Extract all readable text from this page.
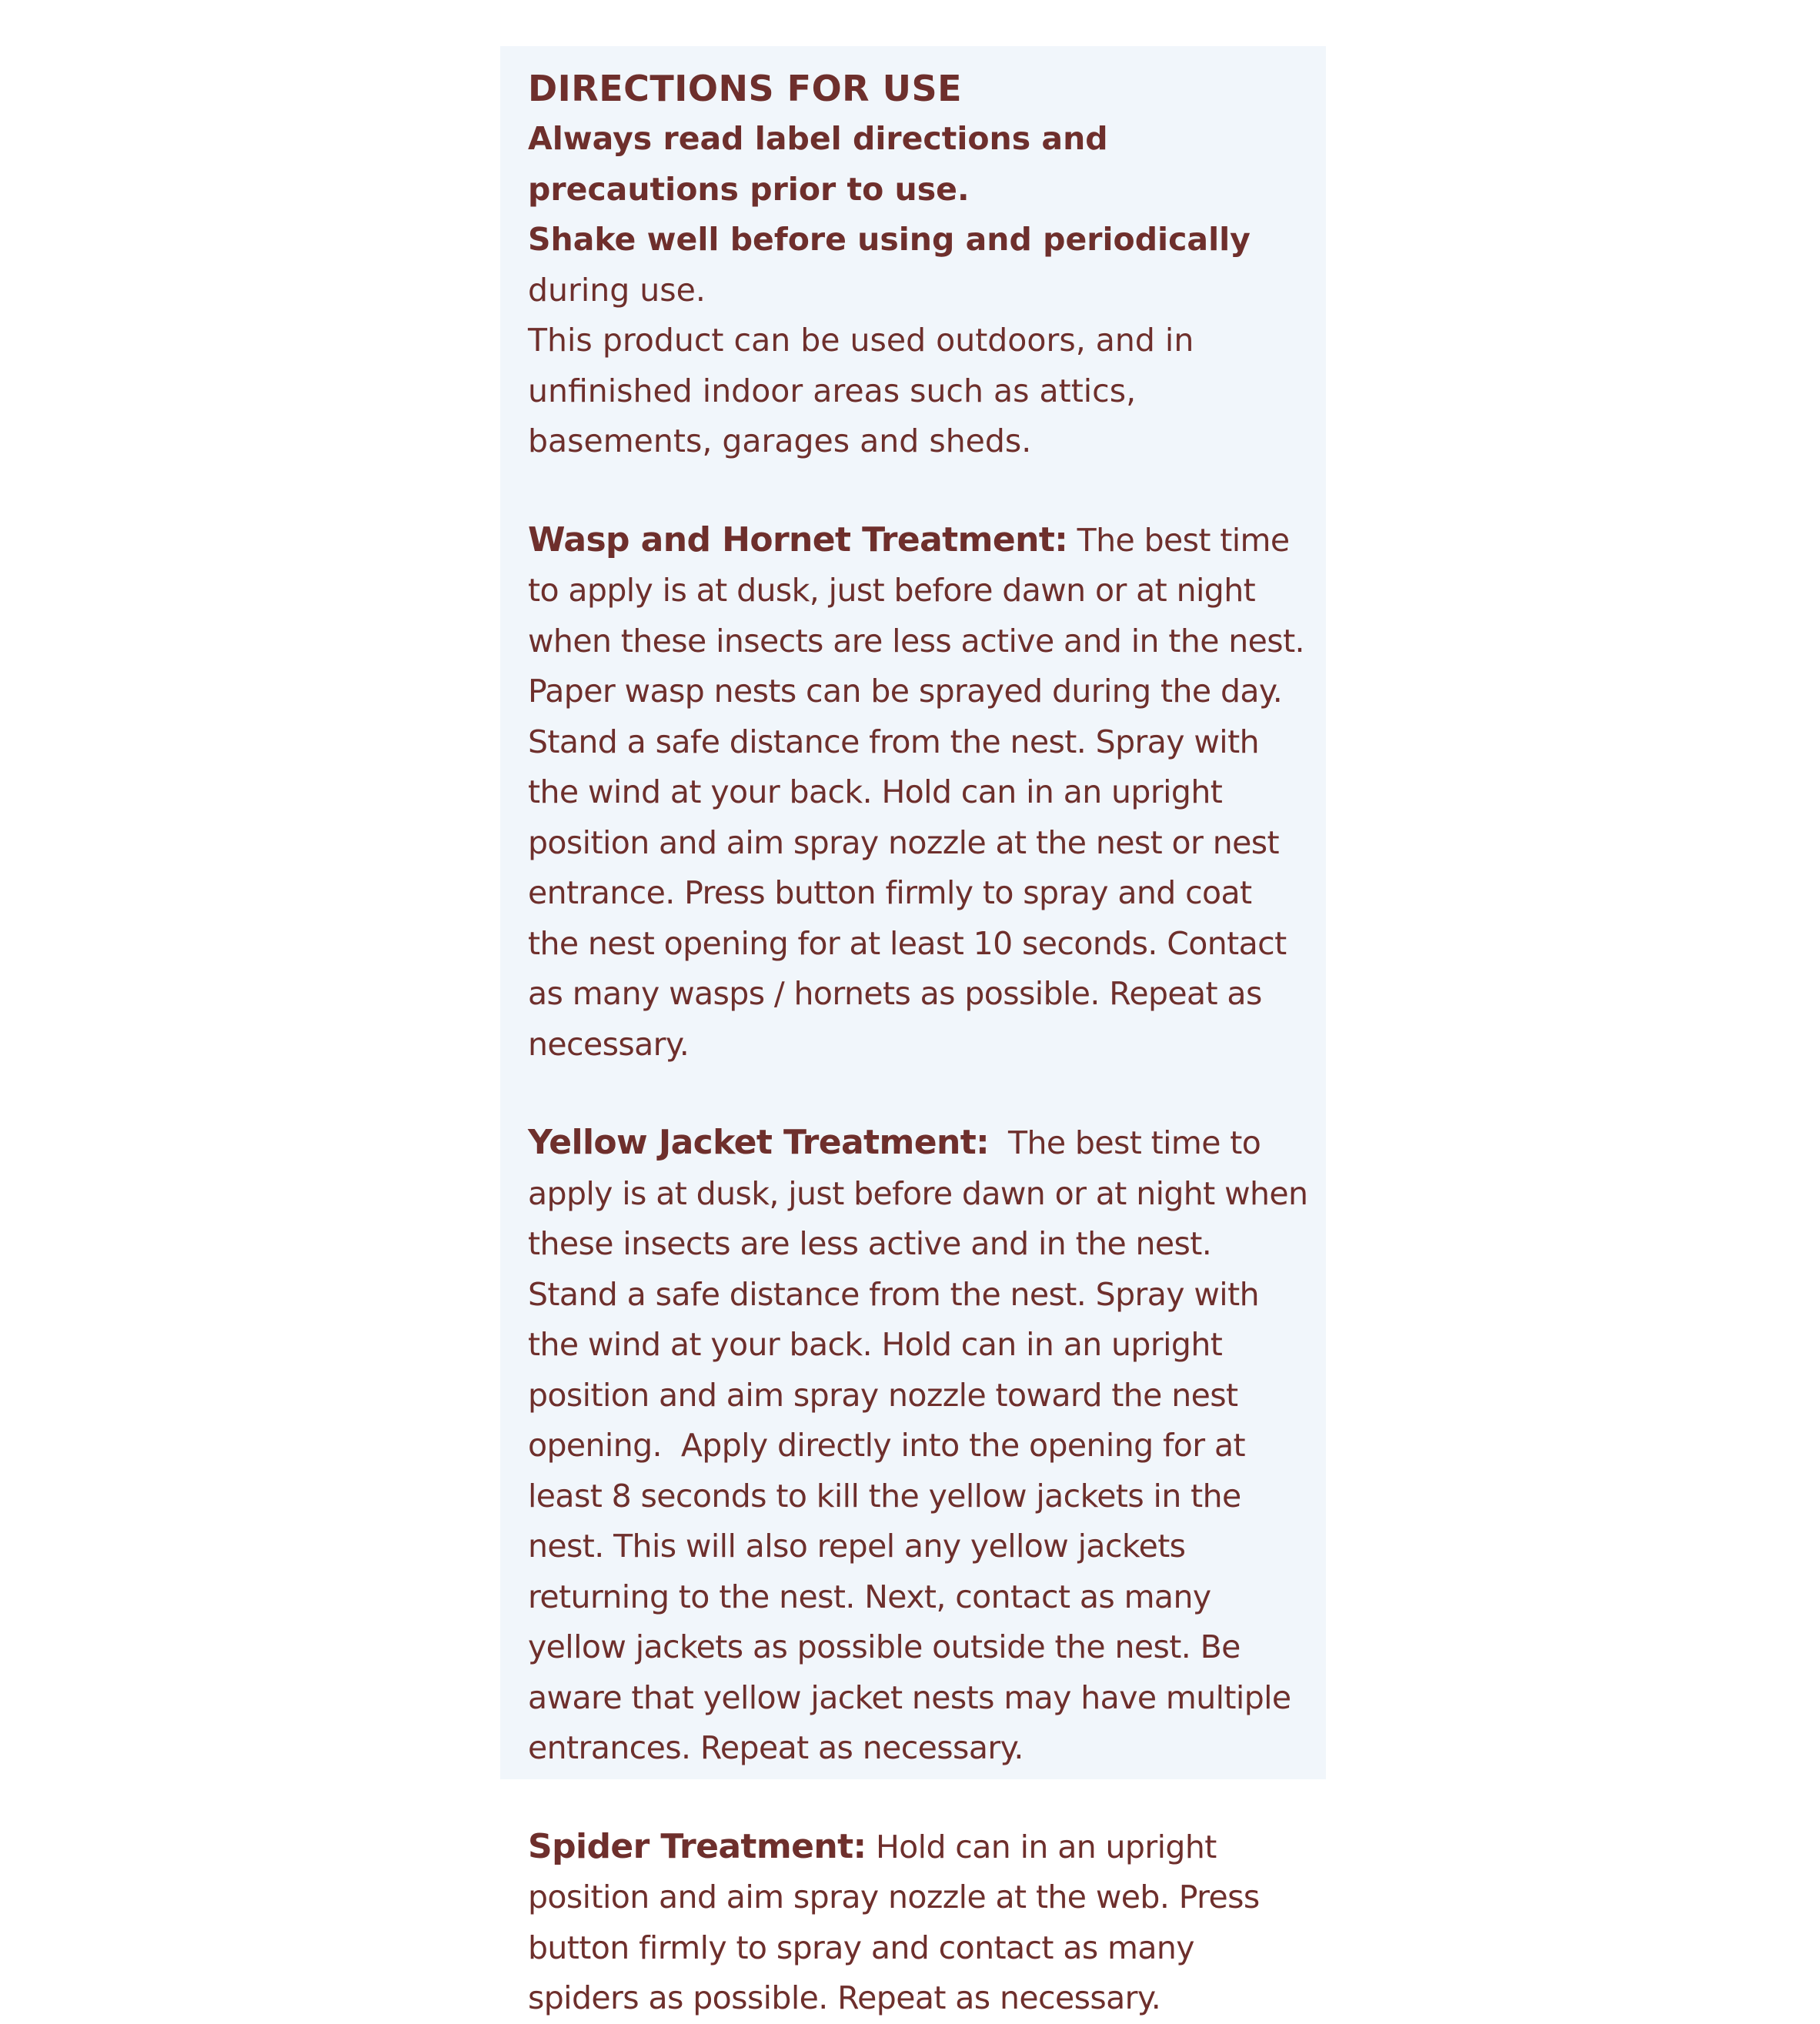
DIRECTIONS FOR USE

Always read label directions and precautions prior to use.

Shake well before using and periodically during use.

This product can be used outdoors, and in unfinished indoor areas such as attics, basements, garages and sheds.

Wasp and Hornet Treatment: The best time to apply is at dusk, just before dawn or at night when these insects are less active and in the nest. Paper wasp nests can be sprayed during the day. Stand a safe distance from the nest. Spray with the wind at your back. Hold can in an upright position and aim spray nozzle at the nest or nest entrance. Press button firmly to spray and coat the nest opening for at least 10 seconds. Contact as many wasps / hornets as possible. Repeat as necessary.

Yellow Jacket Treatment:  The best time to apply is at dusk, just before dawn or at night when these insects are less active and in the nest. Stand a safe distance from the nest. Spray with the wind at your back. Hold can in an upright position and aim spray nozzle toward the nest opening.  Apply directly into the opening for at least 8 seconds to kill the yellow jackets in the nest. This will also repel any yellow jackets returning to the nest. Next, contact as many yellow jackets as possible outside the nest. Be aware that yellow jacket nests may have multiple entrances. Repeat as necessary.

Spider Treatment: Hold can in an upright position and aim spray nozzle at the web. Press button firmly to spray and contact as many spiders as possible. Repeat as necessary.
